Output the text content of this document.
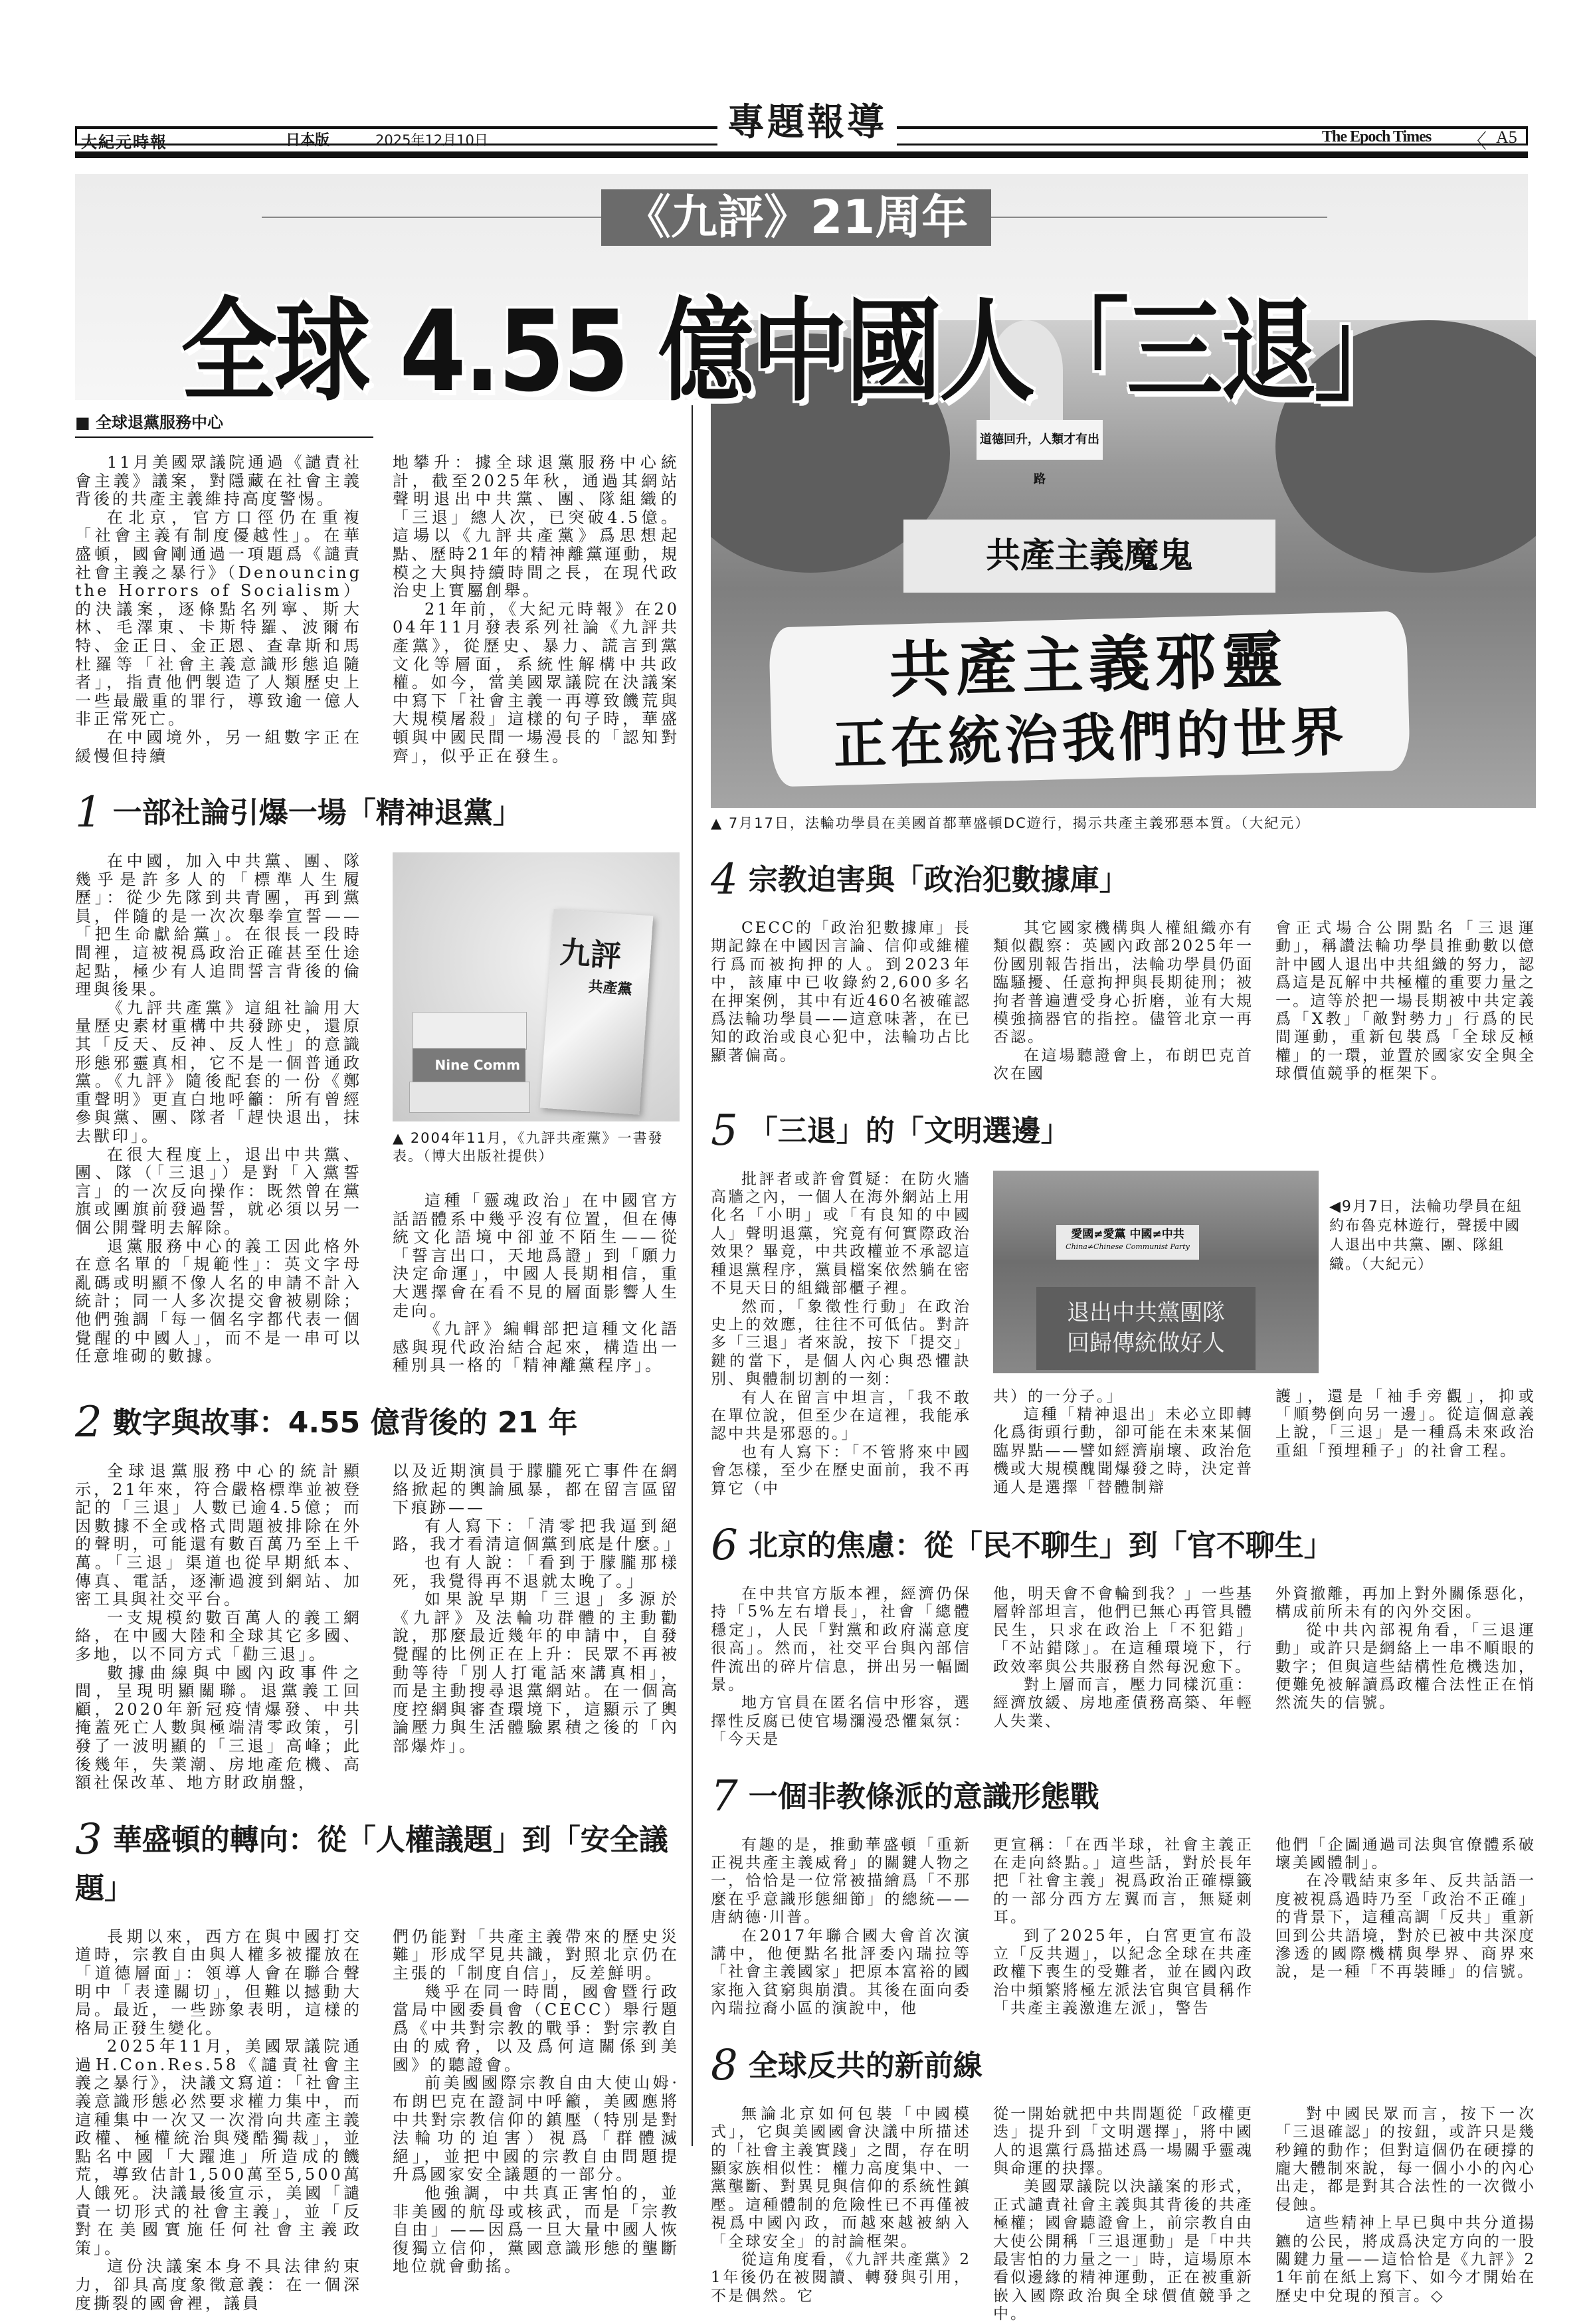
專題報導
大紀元時報	日本版	2025年12月10日	The Epoch Times 〈 A5
《九評》21周年
■ 全球退黨服務中心

11月美國眾議院通過《譴責社會主義》議案，對隱藏在社會主義背後的共產主義維持高度警惕。

在北京，官方口徑仍在重複「社會主義有制度優越性」。在華盛頓，國會剛通過一項題爲《譴責社會主義之暴行》（Denouncing the Horrors of Socialism）的決議案，逐條點名列寧、斯大林、毛澤東、卡斯特羅、波爾布特、金正日、金正恩、查韋斯和馬杜羅等「社會主義意識形態追隨者」，指責他們製造了人類歷史上一些最嚴重的罪行，導致逾一億人非正常死亡。

在中國境外，另一組數字正在緩慢但持續

地攀升：據全球退黨服務中心統計，截至2025年秋，通過其網站聲明退出中共黨、團、隊組織的「三退」總人次，已突破4.5億。這場以《九評共產黨》爲思想起點、歷時21年的精神離黨運動，規模之大與持續時間之長，在現代政治史上實屬創舉。

21年前，《大紀元時報》在2004年11月發表系列社論《九評共產黨》，從歷史、暴力、謊言到黨文化等層面，系統性解構中共政權。如今，當美國眾議院在決議案中寫下「社會主義一再導致饑荒與大規模屠殺」這樣的句子時，華盛頓與中國民間一場漫長的「認知對齊」，似乎正在發生。

1 一部社論引爆一場「精神退黨」

在中國，加入中共黨、團、隊幾乎是許多人的「標準人生履歷」：從少先隊到共青團，再到黨員，伴隨的是一次次舉拳宣誓——「把生命獻給黨」。在很長一段時間裡，這被視爲政治正確甚至仕途起點，極少有人追問誓言背後的倫理與後果。

《九評共產黨》這組社論用大量歷史素材重構中共發跡史，還原其「反天、反神、反人性」的意識形態邪靈真相，它不是一個普通政黨。《九評》隨後配套的一份《鄭重聲明》更直白地呼籲：所有曾經參與黨、團、隊者「趕快退出，抹去獸印」。

在很大程度上，退出中共黨、團、隊（「三退」）是對「入黨誓言」的一次反向操作：既然曾在黨旗或團旗前發過誓，就必須以另一個公開聲明去解除。

退黨服務中心的義工因此格外在意名單的「規範性」：英文字母亂碼或明顯不像人名的申請不計入統計；同一人多次提交會被剔除；他們強調「每一個名字都代表一個覺醒的中國人」，而不是一串可以任意堆砌的數據。

Nine Comm
九評
共產黨
▲ 2004年11月，《九評共產黨》一書發表。（博大出版社提供）

這種「靈魂政治」在中國官方話語體系中幾乎沒有位置，但在傳統文化語境中卻並不陌生——從「誓言出口，天地爲證」到「願力決定命運」，中國人長期相信，重大選擇會在看不見的層面影響人生走向。

《九評》編輯部把這種文化語感與現代政治結合起來，構造出一種別具一格的「精神離黨程序」。

2 數字與故事：4.55 億背後的 21 年

全球退黨服務中心的統計顯示，21年來，符合嚴格標準並被登記的「三退」人數已逾4.5億；而因數據不全或格式問題被排除在外的聲明，可能還有數百萬乃至上千萬。「三退」渠道也從早期紙本、傳真、電話，逐漸過渡到網站、加密工具與社交平台。

一支規模約數百萬人的義工網絡，在中國大陸和全球其它多國、多地，以不同方式「勸三退」。

數據曲線與中國內政事件之間，呈現明顯關聯。退黨義工回顧，2020年新冠疫情爆發、中共掩蓋死亡人數與極端清零政策，引發了一波明顯的「三退」高峰；此後幾年，失業潮、房地產危機、高額社保改革、地方財政崩盤，

以及近期演員于朦朧死亡事件在網絡掀起的輿論風暴，都在留言區留下痕跡——

有人寫下：「清零把我逼到絕路，我才看清這個黨到底是什麼。」

也有人說：「看到于朦朧那樣死，我覺得再不退就太晚了。」

如果說早期「三退」多源於《九評》及法輪功群體的主動勸說，那麼最近幾年的申請中，自發覺醒的比例正在上升：民眾不再被動等待「別人打電話來講真相」，而是主動搜尋退黨網站。在一個高度控網與審查環境下，這顯示了輿論壓力與生活體驗累積之後的「內部爆炸」。

3 華盛頓的轉向：從「人權議題」到「安全議題」

長期以來，西方在與中國打交道時，宗教自由與人權多被擺放在「道德層面」：領導人會在聯合聲明中「表達關切」，但難以撼動大局。最近，一些跡象表明，這樣的格局正發生變化。

2025年11月，美國眾議院通過H.Con.Res.58《譴責社會主義之暴行》，決議文寫道：「社會主義意識形態必然要求權力集中，而這種集中一次又一次滑向共產主義政權、極權統治與殘酷獨裁」，並點名中國「大躍進」所造成的饑荒，導致估計1,500萬至5,500萬人餓死。決議最後宣示，美國「譴責一切形式的社會主義」，並「反對在美國實施任何社會主義政策」。

這份決議案本身不具法律約束力，卻具高度象徵意義：在一個深度撕裂的國會裡，議員

們仍能對「共產主義帶來的歷史災難」形成罕見共識，對照北京仍在主張的「制度自信」，反差鮮明。

幾乎在同一時間，國會暨行政當局中國委員會（CECC）舉行題爲《中共對宗教的戰爭：對宗教自由的威脅，以及爲何這關係到美國》的聽證會。

前美國國際宗教自由大使山姆·布朗巴克在證詞中呼籲，美國應將中共對宗教信仰的鎮壓（特別是對法輪功的迫害）視爲「群體滅絕」，並把中國的宗教自由問題提升爲國家安全議題的一部分。

他強調，中共真正害怕的，並非美國的航母或核武，而是「宗教自由」——因爲一旦大量中國人恢復獨立信仰，黨國意識形態的壟斷地位就會動搖。

道德回升，人類才有出路
共產主義魔鬼
共產主義邪靈
正在統治我們的世界
▲ 7月17日，法輪功學員在美國首都華盛頓DC遊行，揭示共產主義邪惡本質。（大紀元）
4 宗教迫害與「政治犯數據庫」

CECC的「政治犯數據庫」長期記錄在中國因言論、信仰或維權行爲而被拘押的人。到2023年中，該庫中已收錄約2,600多名在押案例，其中有近460名被確認爲法輪功學員——這意味著，在已知的政治或良心犯中，法輪功占比顯著偏高。

其它國家機構與人權組織亦有類似觀察：英國內政部2025年一份國別報告指出，法輪功學員仍面臨騷擾、任意拘押與長期徒刑；被拘者普遍遭受身心折磨，並有大規模強摘器官的指控。儘管北京一再否認。

在這場聽證會上，布朗巴克首次在國

會正式場合公開點名「三退運動」，稱讚法輪功學員推動數以億計中國人退出中共組織的努力，認爲這是瓦解中共極權的重要力量之一。這等於把一場長期被中共定義爲「X教」「敵對勢力」行爲的民間運動，重新包裝爲「全球反極權」的一環，並置於國家安全與全球價值競爭的框架下。

5 「三退」的「文明選邊」

批評者或許會質疑：在防火牆高牆之內，一個人在海外網站上用化名「小明」或「有良知的中國人」聲明退黨，究竟有何實際政治效果？畢竟，中共政權並不承認這種退黨程序，黨員檔案依然躺在密不見天日的組織部櫃子裡。

然而，「象徵性行動」在政治史上的效應，往往不可低估。對許多「三退」者來說，按下「提交」鍵的當下，是個人內心與恐懼訣別、與體制切割的一刻：

有人在留言中坦言，「我不敢在單位說，但至少在這裡，我能承認中共是邪惡的。」

也有人寫下：「不管將來中國會怎樣，至少在歷史面前，我不再算它（中

愛國≠愛黨 中國≠中共
China≠Chinese Communist Party
退出中共黨團隊
回歸傳統做好人
◀9月7日，法輪功學員在紐約布魯克林遊行，聲援中國人退出中共黨、團、隊組織。（大紀元）

共）的一分子。」

這種「精神退出」未必立即轉化爲街頭行動，卻可能在未來某個臨界點——譬如經濟崩壞、政治危機或大規模醜聞爆發之時，決定普通人是選擇「替體制辯

護」，還是「袖手旁觀」，抑或「順勢倒向另一邊」。從這個意義上說，「三退」是一種爲未來政治重組「預埋種子」的社會工程。

6 北京的焦慮：從「民不聊生」到「官不聊生」

在中共官方版本裡，經濟仍保持「5%左右增長」，社會「總體穩定」，人民「對黨和政府滿意度很高」。然而，社交平台與內部信件流出的碎片信息，拼出另一幅圖景。

地方官員在匿名信中形容，選擇性反腐已使官場瀰漫恐懼氣氛：「今天是

他，明天會不會輪到我？」一些基層幹部坦言，他們已無心再管具體民生，只求在政治上「不犯錯」「不站錯隊」。在這種環境下，行政效率與公共服務自然每況愈下。

對上層而言，壓力同樣沉重：經濟放緩、房地產債務高築、年輕人失業、

外資撤離，再加上對外關係惡化，構成前所未有的內外交困。

從中共內部視角看，「三退運動」或許只是網絡上一串不順眼的數字；但與這些結構性危機迭加，便難免被解讀爲政權合法性正在悄然流失的信號。

7 一個非教條派的意識形態戰

有趣的是，推動華盛頓「重新正視共產主義威脅」的關鍵人物之一，恰恰是一位常被描繪爲「不那麼在乎意識形態細節」的總統——唐納德·川普。

在2017年聯合國大會首次演講中，他便點名批評委內瑞拉等「社會主義國家」把原本富裕的國家拖入貧窮與崩潰。其後在面向委內瑞拉裔小區的演說中，他

更宣稱：「在西半球，社會主義正在走向終點。」這些話，對於長年把「社會主義」視爲政治正確標籤的一部分西方左翼而言，無疑刺耳。

到了2025年，白宮更宣布設立「反共週」，以紀念全球在共產政權下喪生的受難者，並在國內政治中頻繁將極左派法官與官員稱作「共產主義激進左派」，警告

他們「企圖通過司法與官僚體系破壞美國體制」。

在冷戰結束多年、反共話語一度被視爲過時乃至「政治不正確」的背景下，這種高調「反共」重新回到公共語境，對於已被中共深度滲透的國際機構與學界、商界來說，是一種「不再裝睡」的信號。

8 全球反共的新前線

無論北京如何包裝「中國模式」，它與美國國會決議中所描述的「社會主義實踐」之間，存在明顯家族相似性：權力高度集中、一黨壟斷、對異見與信仰的系統性鎮壓。這種體制的危險性已不再僅被視爲中國內政，而越來越被納入「全球安全」的討論框架。

從這角度看，《九評共產黨》21年後仍在被閱讀、轉發與引用，不是偶然。它

從一開始就把中共問題從「政權更迭」提升到「文明選擇」，將中國人的退黨行爲描述爲一場關乎靈魂與命運的抉擇。

美國眾議院以決議案的形式，正式譴責社會主義與其背後的共產極權；國會聽證會上，前宗教自由大使公開稱「三退運動」是「中共最害怕的力量之一」時，這場原本看似邊緣的精神運動，正在被重新嵌入國際政治與全球價值競爭之中。

對中國民眾而言，按下一次「三退確認」的按鈕，或許只是幾秒鐘的動作；但對這個仍在硬撐的龐大體制來說，每一個小小的內心出走，都是對其合法性的一次微小侵蝕。

這些精神上早已與中共分道揚鑣的公民，將成爲決定方向的一股關鍵力量——這恰恰是《九評》21年前在紙上寫下、如今才開始在歷史中兌現的預言。◇

全球 4.55 億中國人「三退」
